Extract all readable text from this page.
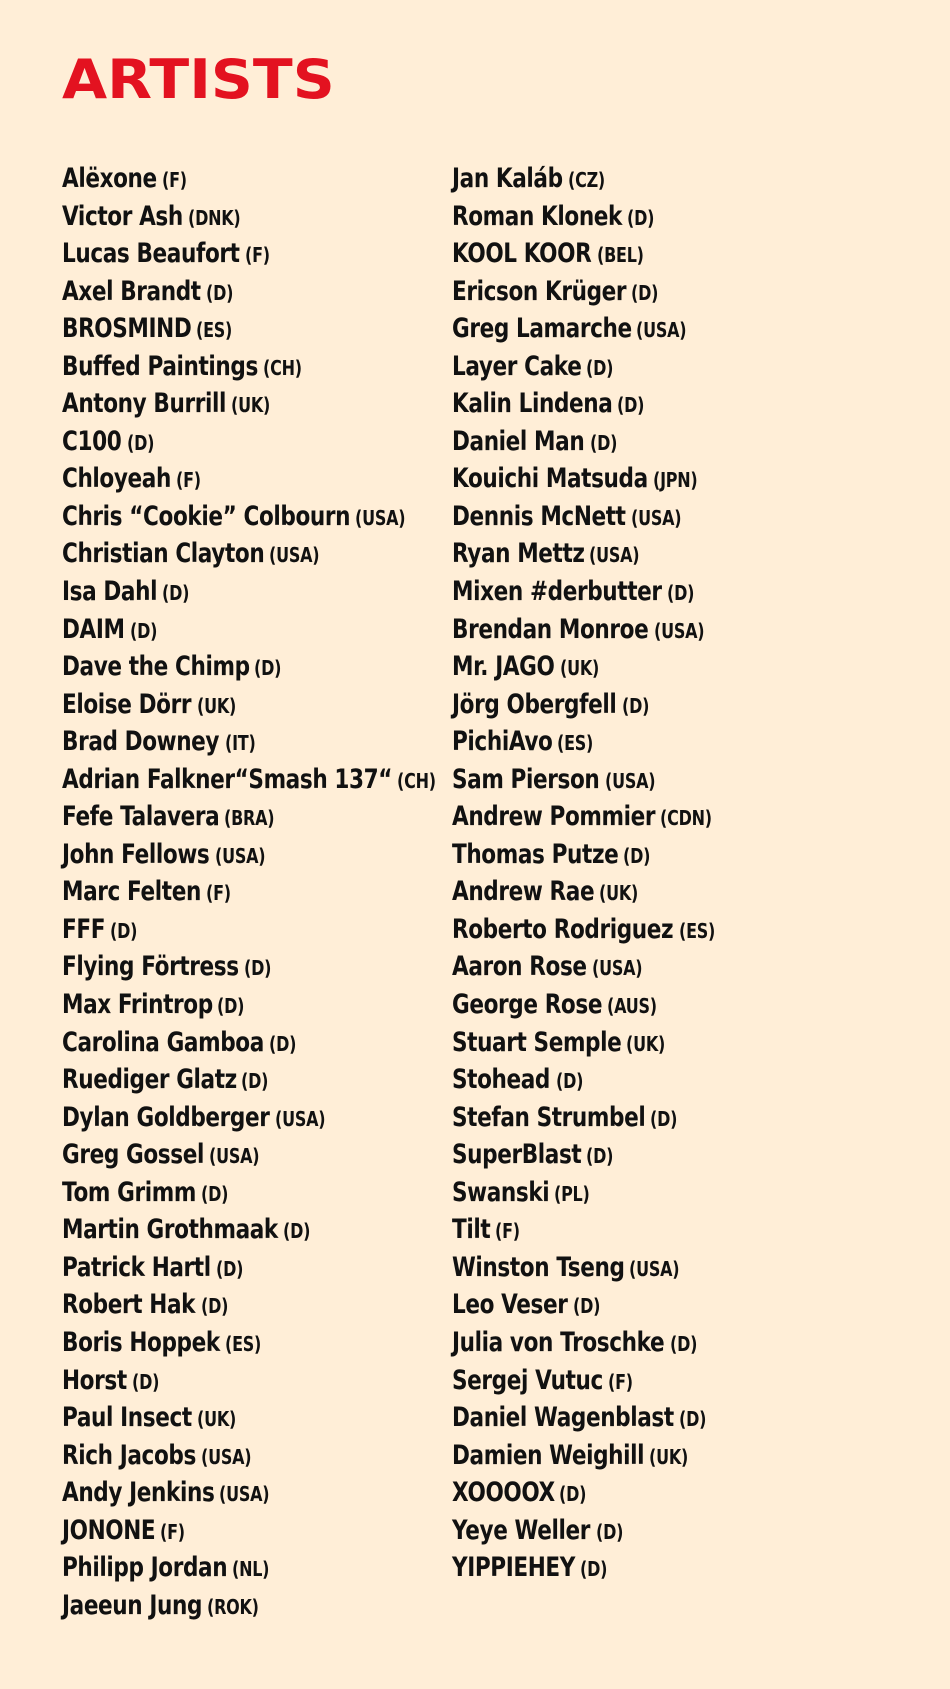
ARTISTS
Alëxone (F)
Victor Ash (DNK)
Lucas Beaufort (F)
Axel Brandt (D)
BROSMIND (ES)
Buffed Paintings (CH)
Antony Burrill (UK)
C100 (D)
Chloyeah (F)
Chris “Cookie” Colbourn (USA)
Christian Clayton (USA)
Isa Dahl (D)
DAIM (D)
Dave the Chimp (D)
Eloise Dörr (UK)
Brad Downey (IT)
Adrian Falkner“Smash 137“ (CH)
Fefe Talavera (BRA)
John Fellows (USA)
Marc Felten (F)
FFF (D)
Flying Förtress (D)
Max Frintrop (D)
Carolina Gamboa (D)
Ruediger Glatz (D)
Dylan Goldberger (USA)
Greg Gossel (USA)
Tom Grimm (D)
Martin Grothmaak (D)
Patrick Hartl (D)
Robert Hak (D)
Boris Hoppek (ES)
Horst (D)
Paul Insect (UK)
Rich Jacobs (USA)
Andy Jenkins (USA)
JONONE (F)
Philipp Jordan (NL)
Jaeeun Jung (ROK)
Jan Kaláb (CZ)
Roman Klonek (D)
KOOL KOOR (BEL)
Ericson Krüger (D)
Greg Lamarche (USA)
Layer Cake (D)
Kalin Lindena (D)
Daniel Man (D)
Kouichi Matsuda (JPN)
Dennis McNett (USA)
Ryan Mettz (USA)
Mixen #derbutter (D)
Brendan Monroe (USA)
Mr. JAGO (UK)
Jörg Obergfell (D)
PichiAvo (ES)
Sam Pierson (USA)
Andrew Pommier (CDN)
Thomas Putze (D)
Andrew Rae (UK)
Roberto Rodriguez (ES)
Aaron Rose (USA)
George Rose (AUS)
Stuart Semple (UK)
Stohead (D)
Stefan Strumbel (D)
SuperBlast (D)
Swanski (PL)
Tilt (F)
Winston Tseng (USA)
Leo Veser (D)
Julia von Troschke (D)
Sergej Vutuc (F)
Daniel Wagenblast (D)
Damien Weighill (UK)
XOOOOX (D)
Yeye Weller (D)
YIPPIEHEY (D)
